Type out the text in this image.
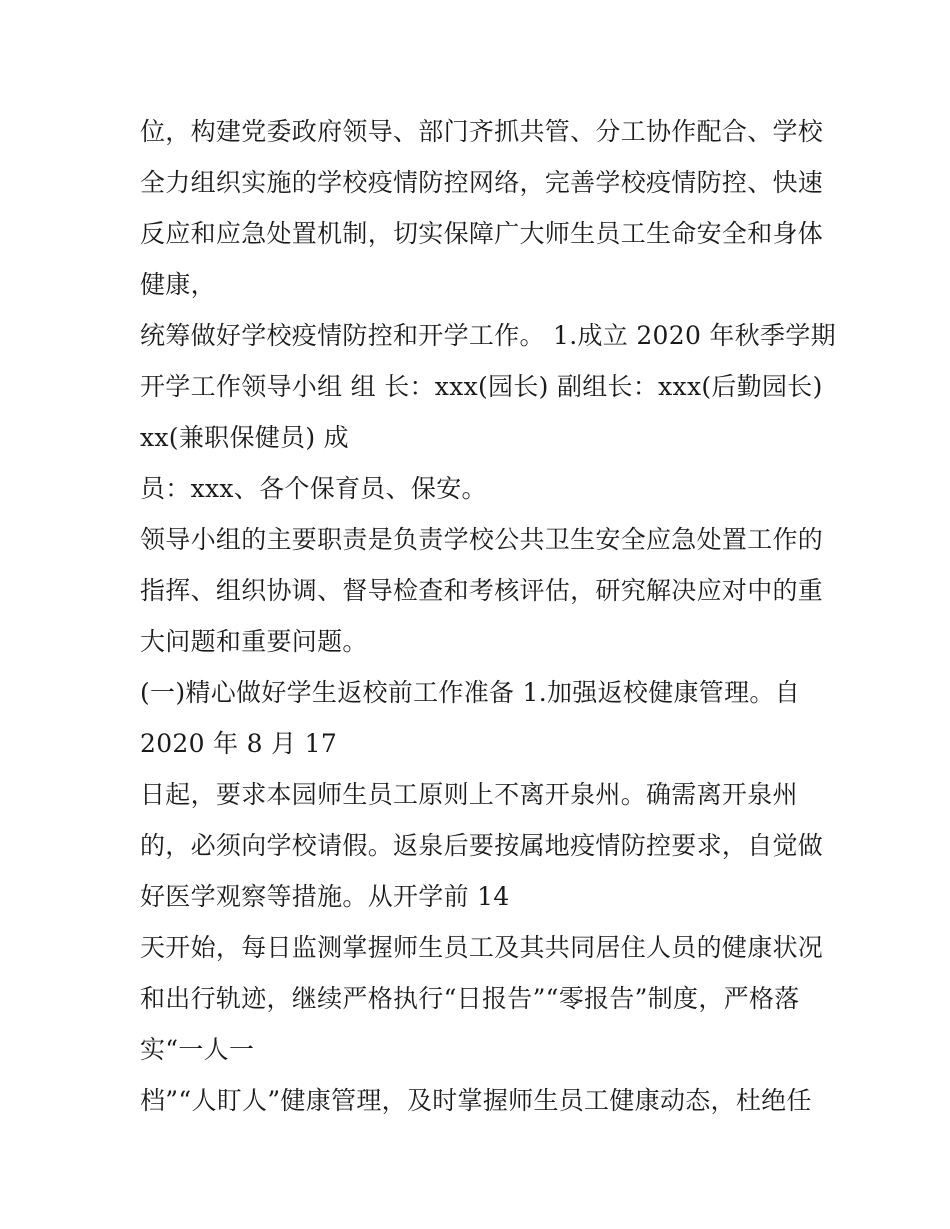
位，构建党委政府领导、部门齐抓共管、分工协作配合、学校
全力组织实施的学校疫情防控网络，完善学校疫情防控、快速
反应和应急处置机制，切实保障广大师生员工生命安全和身体
健康，
统筹做好学校疫情防控和开学工作。 1.成立 2020 年秋季学期
开学工作领导小组 组 长：xxx(园长) 副组长：xxx(后勤园长)
xx(兼职保健员) 成
员：xxx、各个保育员、保安。
领导小组的主要职责是负责学校公共卫生安全应急处置工作的
指挥、组织协调、督导检查和考核评估，研究解决应对中的重
大问题和重要问题。
(一)精心做好学生返校前工作准备 1.加强返校健康管理。自
2020 年 8 月 17
日起，要求本园师生员工原则上不离开泉州。确需离开泉州
的，必须向学校请假。返泉后要按属地疫情防控要求，自觉做
好医学观察等措施。从开学前 14
天开始，每日监测掌握师生员工及其共同居住人员的健康状况
和出行轨迹，继续严格执行“日报告”“零报告”制度，严格落
实“一人一
档”“人盯人”健康管理，及时掌握师生员工健康动态，杜绝任
